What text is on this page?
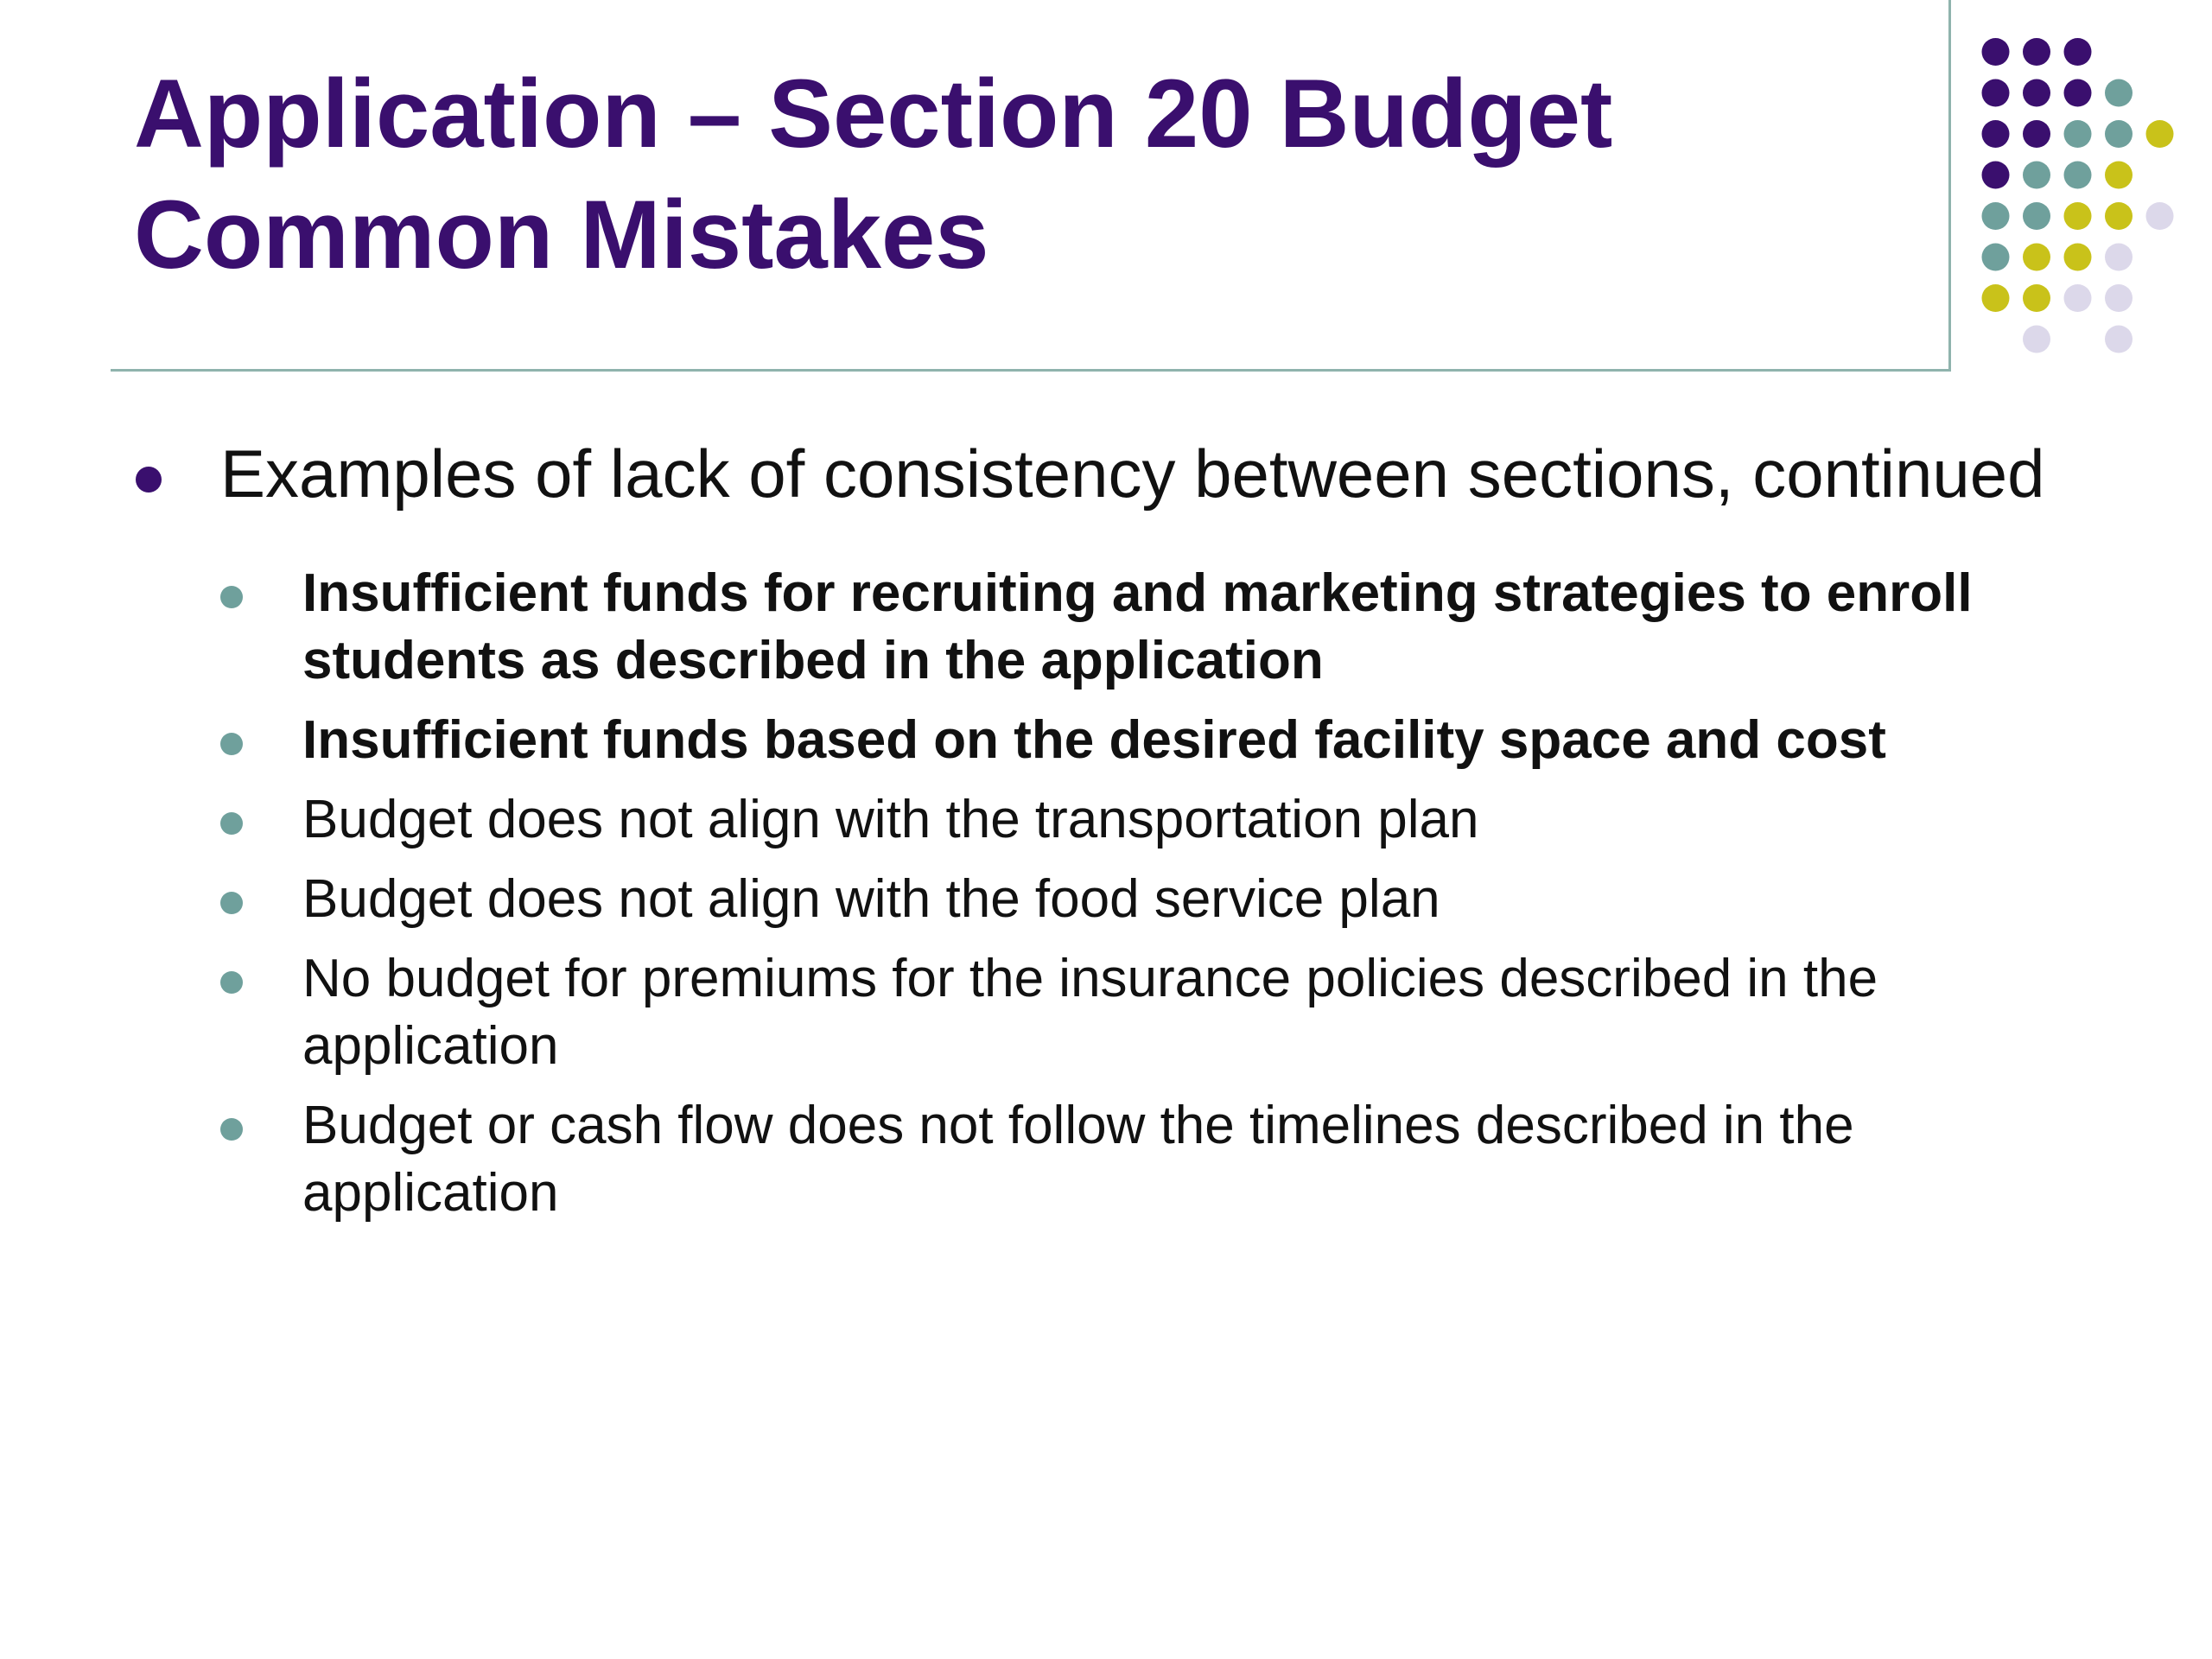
Application – Section 20 Budget
Common Mistakes
Examples of lack of consistency between sections, continued
Insufficient funds for recruiting and marketing strategies to enroll students as described in the application
Insufficient funds based on the desired facility space and cost
Budget does not align with the transportation plan
Budget does not align with the food service plan
No budget for premiums for the insurance policies described in the application
Budget or cash flow does not follow the timelines described in the application
